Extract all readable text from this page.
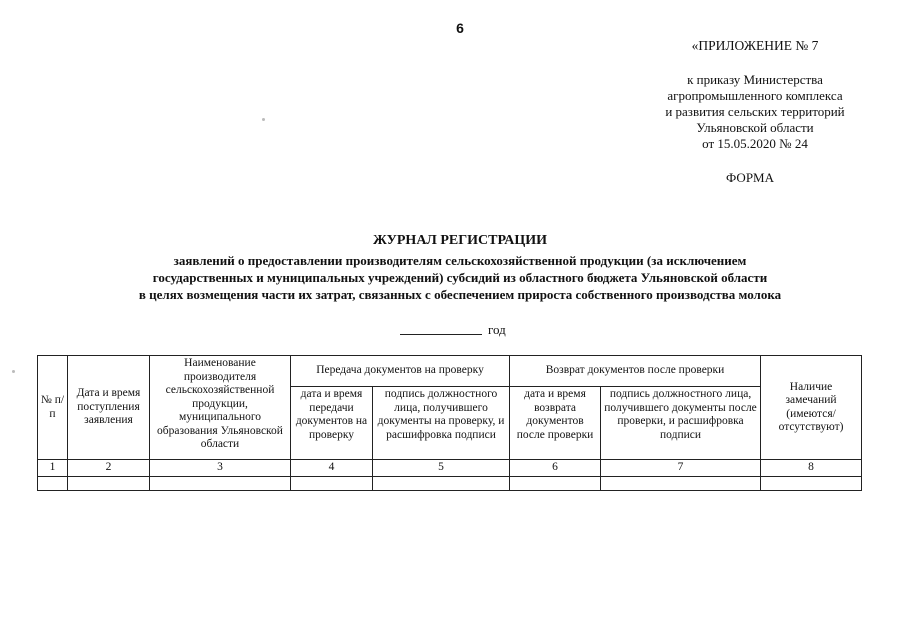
6
«ПРИЛОЖЕНИЕ № 7
к приказу Министерства
агропромышленного комплекса
и развития сельских территорий
Ульяновской области
от 15.05.2020 № 24
ФОРМА
ЖУРНАЛ РЕГИСТРАЦИИ
заявлений о предоставлении производителям сельскохозяйственной продукции (за исключением
государственных и муниципальных учреждений) субсидий из областного бюджета Ульяновской области
в целях возмещения части их затрат, связанных с обеспечением прироста собственного производства молока
год
№ п/п	Дата и время поступления заявления	Наименование производителя сельскохозяйственной продукции, муниципального образования Ульяновской области	Передача документов на проверку		Возврат документов после проверки		Наличие замечаний (имеются/ отсутствуют)
			дата и время передачи документов на проверку	подпись должностного лица, получившего документы на проверку, и расшифровка подписи	дата и время возврата документов после проверки	подпись должностного лица, получившего документы после проверки, и расшифровка подписи	
1	2	3	4	5	6	7	8
